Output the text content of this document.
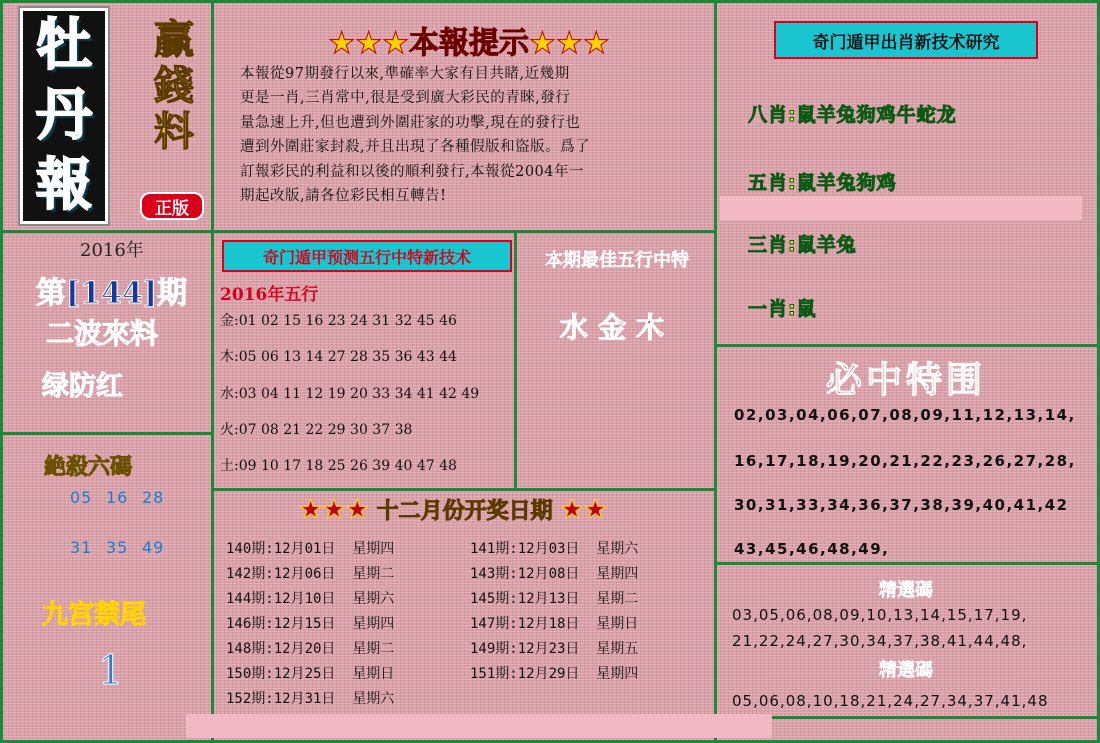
牡
丹
報
贏
錢
料
正版
★★★本報提示★★★
本報從97期發行以來,準確率大家有目共睹,近幾期
更是一肖,三肖常中,很是受到廣大彩民的青睞,發行
量急速上升,但也遭到外圍莊家的功擊,現在的發行也
遭到外圍莊家封殺,并且出現了各種假版和盜版。爲了
訂報彩民的利益和以後的順利發行,本報從2004年一
期起改版,請各位彩民相互轉告!
奇门遁甲出肖新技术研究
八肖:鼠羊兔狗鸡牛蛇龙
五肖:鼠羊兔狗鸡
三肖:鼠羊兔
一肖:鼠
2016年
第[144]期
二波來料
绿防红
絶殺六碼
05 16 28
31 35 49
九宫禁尾
1
奇门遁甲预测五行中特新技术
2016年五行
金:01 02 15 16 23 24 31 32 45 46
木:05 06 13 14 27 28 35 36 43 44
水:03 04 11 12 19 20 33 34 41 42 49
火:07 08 21 22 29 30 37 38
土:09 10 17 18 25 26 39 40 47 48
本期最佳五行中特
水金木
★★★ 十二月份开奖日期 ★★
140期:12月01日  星期四	141期:12月03日  星期六
142期:12月06日  星期二	143期:12月08日  星期四
144期:12月10日  星期六	145期:12月13日  星期二
146期:12月15日  星期四	147期:12月18日  星期日
148期:12月20日  星期二	149期:12月23日  星期五
150期:12月25日  星期日	151期:12月29日  星期四
152期:12月31日  星期六
必中特围
02,03,04,06,07,08,09,11,12,13,14,
16,17,18,19,20,21,22,23,26,27,28,
30,31,33,34,36,37,38,39,40,41,42
43,45,46,48,49,
精選碼
03,05,06,08,09,10,13,14,15,17,19,
21,22,24,27,30,34,37,38,41,44,48,
精選碼
05,06,08,10,18,21,24,27,34,37,41,48
